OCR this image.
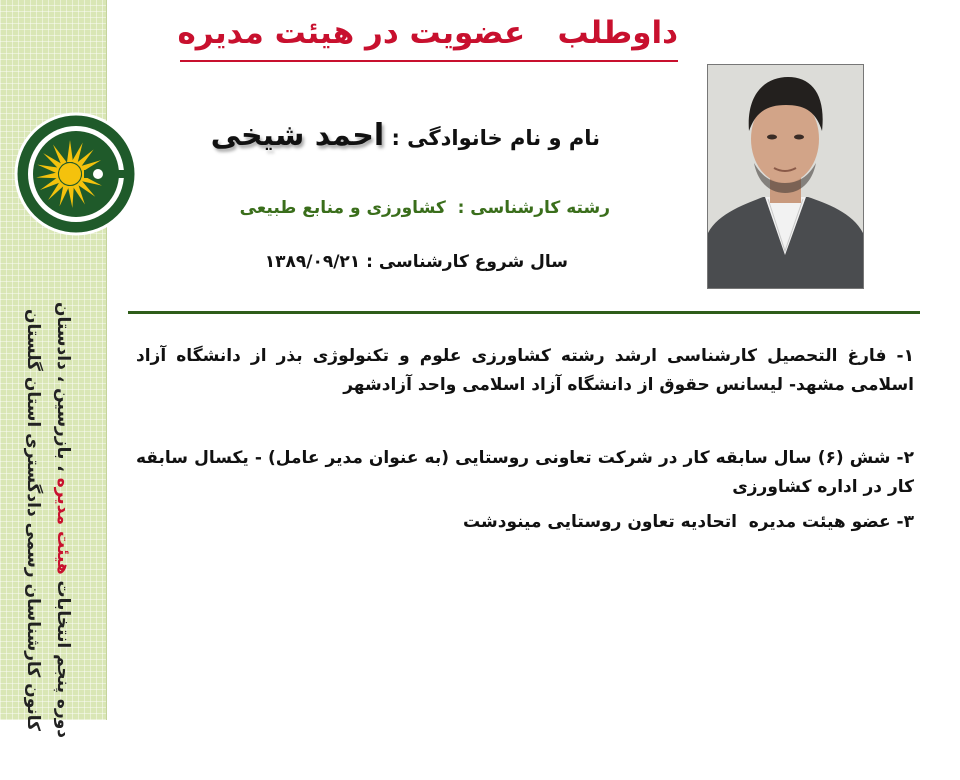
دوره پنجم انتخابات هیئت مدیره ، بازرسین ، دادستان
کانون کارشناسان رسمی دادگستری استان گلستان
داوطلب   عضویت در هیئت مدیره
نام و نام خانوادگی : احمد شیخی
رشته کارشناسی :  کشاورزی و منابع طبیعی
سال شروع کارشناسی : ۱۳۸۹/۰۹/۲۱
۱- فارغ التحصیل کارشناسی ارشد رشته کشاورزی علوم و تکنولوژی بذر از دانشگاه آزاد اسلامی مشهد- لیسانس حقوق از دانشگاه آزاد اسلامی واحد آزادشهر
۲- شش (۶) سال سابقه کار در شرکت تعاونی روستایی (به عنوان مدیر عامل) - یکسال سابقه کار در اداره کشاورزی
۳- عضو هیئت مدیره  اتحادیه تعاون روستایی مینودشت
